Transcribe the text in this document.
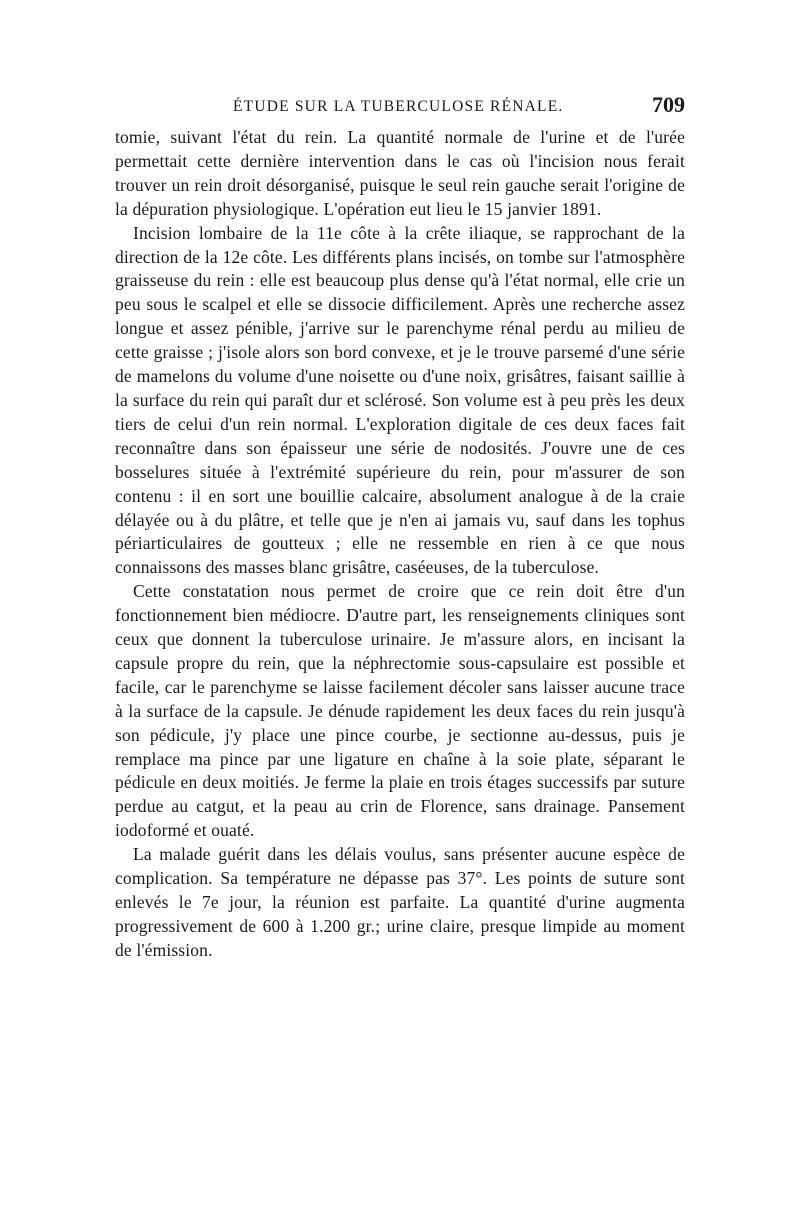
ÉTUDE SUR LA TUBERCULOSE RÉNALE.	709

tomie, suivant l'état du rein. La quantité normale de l'urine et de l'urée permettait cette dernière intervention dans le cas où l'incision nous ferait trouver un rein droit désorganisé, puisque le seul rein gauche serait l'origine de la dépuration physiologique. L'opération eut lieu le 15 janvier 1891.

Incision lombaire de la 11e côte à la crête iliaque, se rapprochant de la direction de la 12e côte. Les différents plans incisés, on tombe sur l'atmosphère graisseuse du rein : elle est beaucoup plus dense qu'à l'état normal, elle crie un peu sous le scalpel et elle se dissocie difficilement. Après une recherche assez longue et assez pénible, j'arrive sur le parenchyme rénal perdu au milieu de cette graisse ; j'isole alors son bord convexe, et je le trouve parsemé d'une série de mamelons du volume d'une noisette ou d'une noix, grisâtres, faisant saillie à la surface du rein qui paraît dur et sclérosé. Son volume est à peu près les deux tiers de celui d'un rein normal. L'exploration digitale de ces deux faces fait reconnaître dans son épaisseur une série de nodosités. J'ouvre une de ces bosselures située à l'extrémité supérieure du rein, pour m'assurer de son contenu : il en sort une bouillie calcaire, absolument analogue à de la craie délayée ou à du plâtre, et telle que je n'en ai jamais vu, sauf dans les tophus périarticulaires de goutteux ; elle ne ressemble en rien à ce que nous connaissons des masses blanc grisâtre, caséeuses, de la tuberculose.

Cette constatation nous permet de croire que ce rein doit être d'un fonctionnement bien médiocre. D'autre part, les renseignements cliniques sont ceux que donnent la tuberculose urinaire. Je m'assure alors, en incisant la capsule propre du rein, que la néphrectomie sous-capsulaire est possible et facile, car le parenchyme se laisse facilement décoler sans laisser aucune trace à la surface de la capsule. Je dénude rapidement les deux faces du rein jusqu'à son pédicule, j'y place une pince courbe, je sectionne au-dessus, puis je remplace ma pince par une ligature en chaîne à la soie plate, séparant le pédicule en deux moitiés. Je ferme la plaie en trois étages successifs par suture perdue au catgut, et la peau au crin de Florence, sans drainage. Pansement iodoformé et ouaté.

La malade guérit dans les délais voulus, sans présenter aucune espèce de complication. Sa température ne dépasse pas 37°. Les points de suture sont enlevés le 7e jour, la réunion est parfaite. La quantité d'urine augmenta progressivement de 600 à 1.200 gr.; urine claire, presque limpide au moment de l'émission.
